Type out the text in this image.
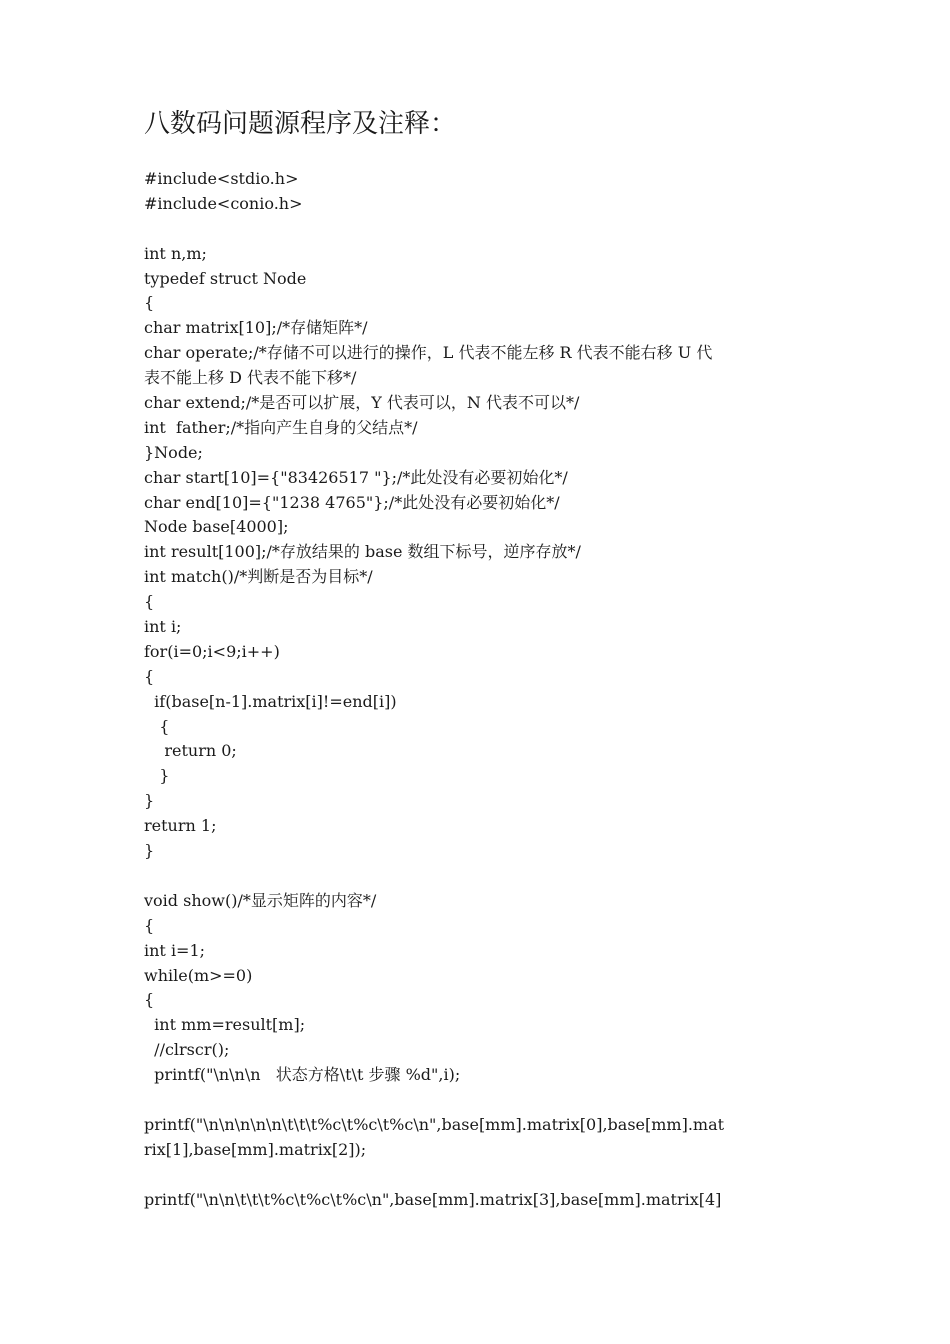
八数码问题源程序及注释：
#include<stdio.h>
#include<conio.h>
int n,m;
typedef struct Node
{
char matrix[10];/*存储矩阵*/
char operate;/*存储不可以进行的操作，L 代表不能左移 R 代表不能右移 U 代
表不能上移 D 代表不能下移*/
char extend;/*是否可以扩展，Y 代表可以，N 代表不可以*/
int  father;/*指向产生自身的父结点*/
}Node;
char start[10]={"83426517 "};/*此处没有必要初始化*/
char end[10]={"1238 4765"};/*此处没有必要初始化*/
Node base[4000];
int result[100];/*存放结果的 base 数组下标号，逆序存放*/
int match()/*判断是否为目标*/
{
int i;
for(i=0;i<9;i++)
{
if(base[n-1].matrix[i]!=end[i])
{
return 0;
}
}
return 1;
}
void show()/*显示矩阵的内容*/
{
int i=1;
while(m>=0)
{
int mm=result[m];
//clrscr();
printf("\n\n\n   状态方格\t\t 步骤 %d",i);
printf("\n\n\n\n\n\t\t\t%c\t%c\t%c\n",base[mm].matrix[0],base[mm].mat
rix[1],base[mm].matrix[2]);
printf("\n\n\t\t\t%c\t%c\t%c\n",base[mm].matrix[3],base[mm].matrix[4]
